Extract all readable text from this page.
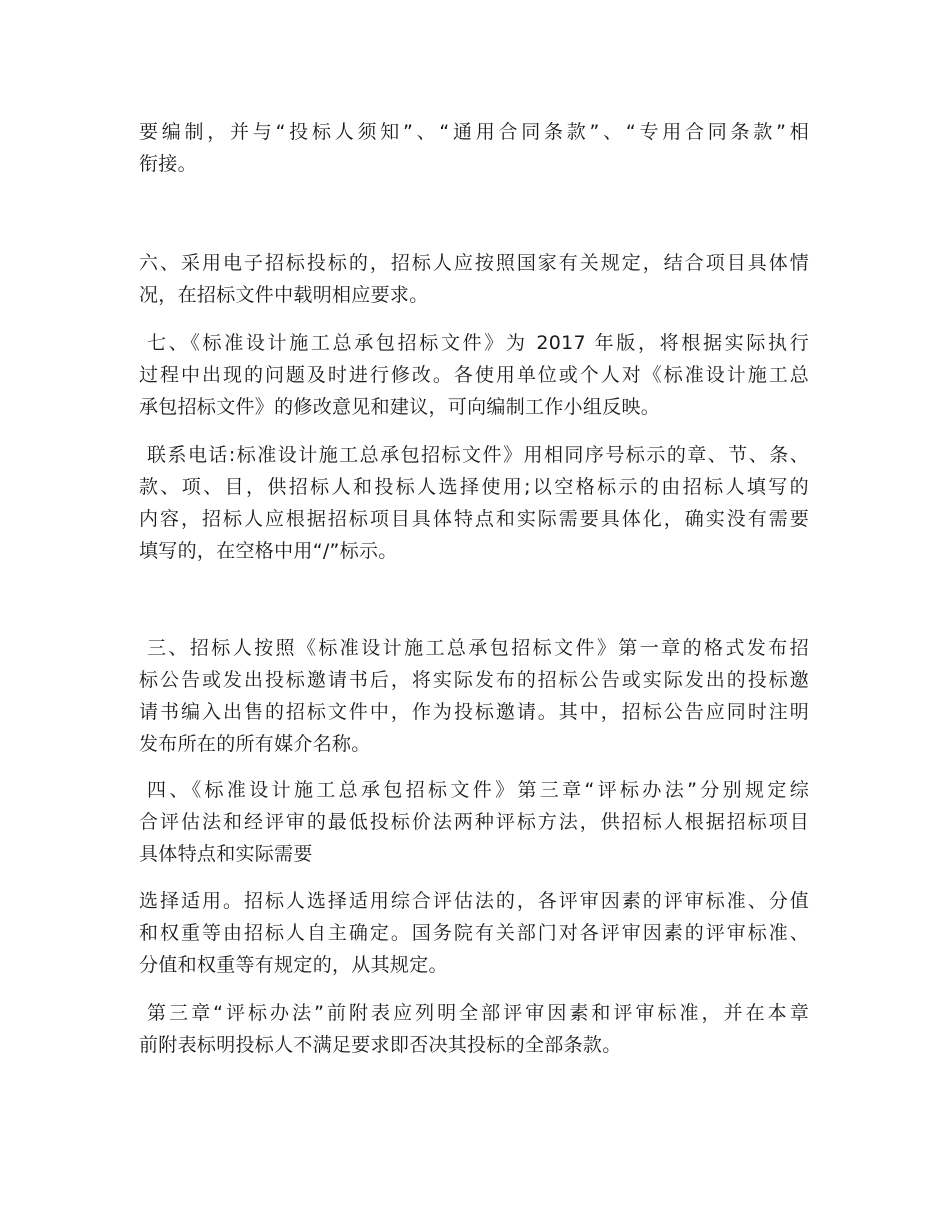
要编制，并与“投标人须知”、“通用合同条款”、“专用合同条款”相
衔接。
六、采用电子招标投标的，招标人应按照国家有关规定，结合项目具体情
况，在招标文件中载明相应要求。
七、《标准设计施工总承包招标文件》为 2017 年版，将根据实际执行
过程中出现的问题及时进行修改。各使用单位或个人对《标准设计施工总
承包招标文件》的修改意见和建议，可向编制工作小组反映。
联系电话:标准设计施工总承包招标文件》用相同序号标示的章、节、条、
款、项、目，供招标人和投标人选择使用;以空格标示的由招标人填写的
内容，招标人应根据招标项目具体特点和实际需要具体化，确实没有需要
填写的，在空格中用“/”标示。
三、招标人按照《标准设计施工总承包招标文件》第一章的格式发布招
标公告或发出投标邀请书后，将实际发布的招标公告或实际发出的投标邀
请书编入出售的招标文件中，作为投标邀请。其中，招标公告应同时注明
发布所在的所有媒介名称。
四、《标准设计施工总承包招标文件》第三章“评标办法”分别规定综
合评估法和经评审的最低投标价法两种评标方法，供招标人根据招标项目
具体特点和实际需要
选择适用。招标人选择适用综合评估法的，各评审因素的评审标准、分值
和权重等由招标人自主确定。国务院有关部门对各评审因素的评审标准、
分值和权重等有规定的，从其规定。
第三章“评标办法”前附表应列明全部评审因素和评审标准，并在本章
前附表标明投标人不满足要求即否决其投标的全部条款。
